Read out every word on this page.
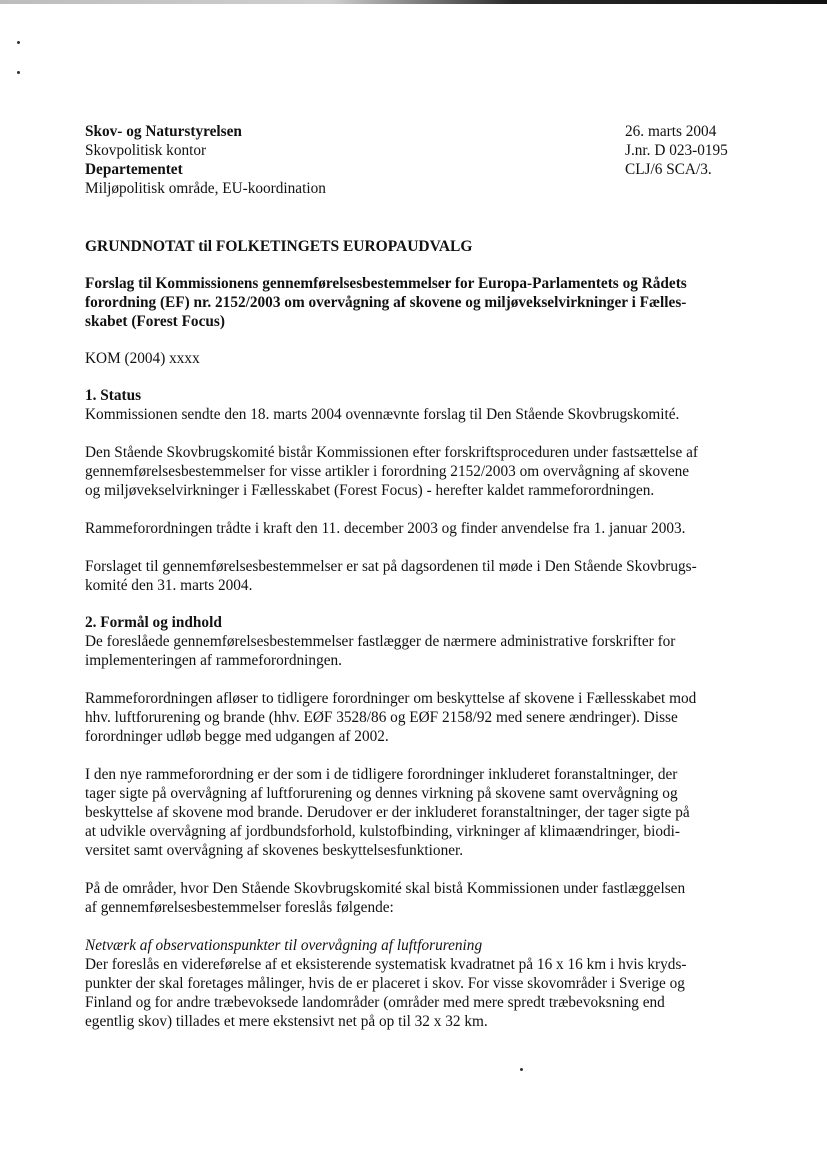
Skov- og Naturstyrelsen
Skovpolitisk kontor
Departementet
Miljøpolitisk område, EU-koordination
26. marts 2004
J.nr. D 023-0195
CLJ/6 SCA/3.
GRUNDNOTAT til FOLKETINGETS EUROPAUDVALG
Forslag til Kommissionens gennemførelsesbestemmelser for Europa-Parlamentets og Rådets
forordning (EF) nr. 2152/2003 om overvågning af skovene og miljøvekselvirkninger i Fælles-
skabet (Forest Focus)
KOM (2004) xxxx
1. Status
Kommissionen sendte den 18. marts 2004 ovennævnte forslag til Den Stående Skovbrugskomité.
Den Stående Skovbrugskomité bistår Kommissionen efter forskriftsproceduren under fastsættelse af
gennemførelsesbestemmelser for visse artikler i forordning 2152/2003 om overvågning af skovene
og miljøvekselvirkninger i Fællesskabet (Forest Focus) - herefter kaldet rammeforordningen.
Rammeforordningen trådte i kraft den 11. december 2003 og finder anvendelse fra 1. januar 2003.
Forslaget til gennemførelsesbestemmelser er sat på dagsordenen til møde i Den Stående Skovbrugs-
komité den 31. marts 2004.
2. Formål og indhold
De foreslåede gennemførelsesbestemmelser fastlægger de nærmere administrative forskrifter for
implementeringen af rammeforordningen.
Rammeforordningen afløser to tidligere forordninger om beskyttelse af skovene i Fællesskabet mod
hhv. luftforurening og brande (hhv. EØF 3528/86 og EØF 2158/92 med senere ændringer). Disse
forordninger udløb begge med udgangen af 2002.
I den nye rammeforordning er der som i de tidligere forordninger inkluderet foranstaltninger, der
tager sigte på overvågning af luftforurening og dennes virkning på skovene samt overvågning og
beskyttelse af skovene mod brande. Derudover er der inkluderet foranstaltninger, der tager sigte på
at udvikle overvågning af jordbundsforhold, kulstofbinding, virkninger af klimaændringer, biodi-
versitet samt overvågning af skovenes beskyttelsesfunktioner.
På de områder, hvor Den Stående Skovbrugskomité skal bistå Kommissionen under fastlæggelsen
af gennemførelsesbestemmelser foreslås følgende:
Netværk af observationspunkter til overvågning af luftforurening
Der foreslås en videreførelse af et eksisterende systematisk kvadratnet på 16 x 16 km i hvis kryds-
punkter der skal foretages målinger, hvis de er placeret i skov. For visse skovområder i Sverige og
Finland og for andre træbevoksede landområder (områder med mere spredt træbevoksning end
egentlig skov) tillades et mere ekstensivt net på op til 32 x 32 km.
